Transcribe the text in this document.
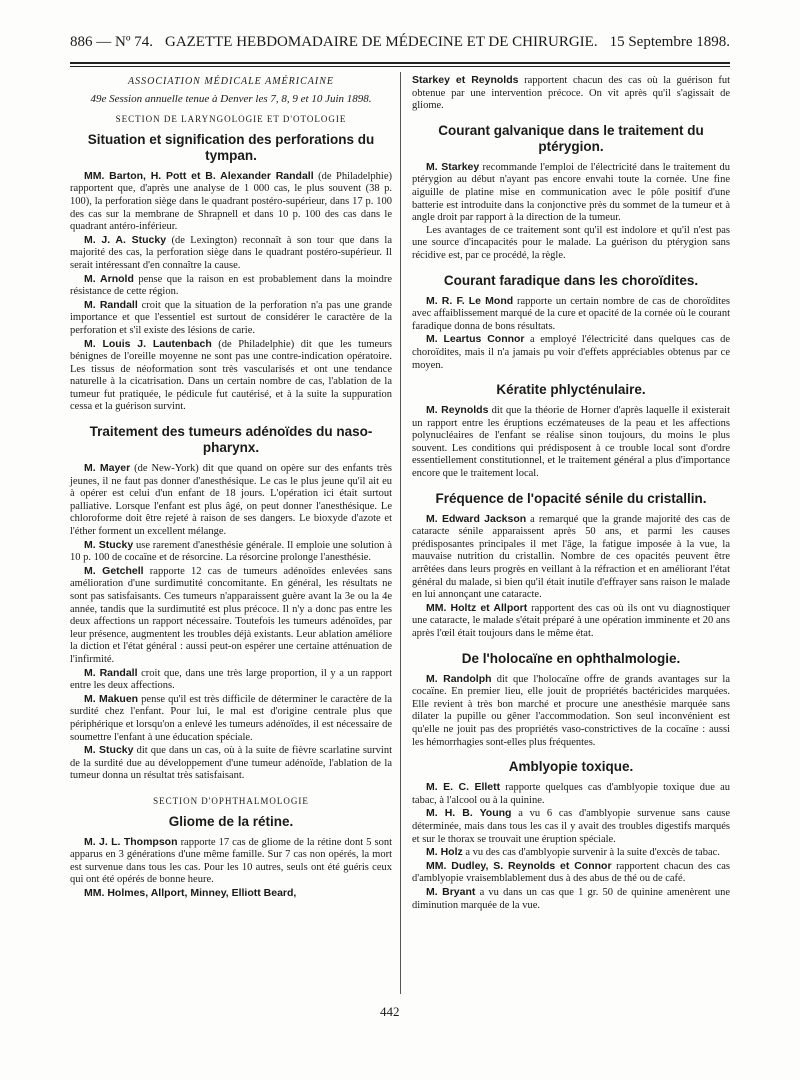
886 — Nº 74. GAZETTE HEBDOMADAIRE DE MÉDECINE ET DE CHIRURGIE. 15 Septembre 1898.
ASSOCIATION MÉDICALE AMÉRICAINE
49e Session annuelle tenue à Denver les 7, 8, 9 et 10 Juin 1898.
SECTION DE LARYNGOLOGIE ET D'OTOLOGIE
Situation et signification des perforations du tympan.

MM. Barton, H. Pott et B. Alexander Randall (de Philadelphie) rapportent que, d'après une analyse de 1 000 cas, le plus souvent (38 p. 100), la perforation siège dans le quadrant postéro-supérieur, dans 17 p. 100 des cas sur la membrane de Shrapnell et dans 10 p. 100 des cas dans le quadrant antéro-inférieur.

M. J. A. Stucky (de Lexington) reconnaît à son tour que dans la majorité des cas, la perforation siège dans le quadrant postéro-supérieur. Il serait intéressant d'en connaître la cause.

M. Arnold pense que la raison en est probablement dans la moindre résistance de cette région.

M. Randall croit que la situation de la perforation n'a pas une grande importance et que l'essentiel est surtout de considérer le caractère de la perforation et s'il existe des lésions de carie.

M. Louis J. Lautenbach (de Philadelphie) dit que les tumeurs bénignes de l'oreille moyenne ne sont pas une contre-indication opératoire. Les tissus de néoformation sont très vascularisés et ont une tendance naturelle à la cicatrisation. Dans un certain nombre de cas, l'ablation de la tumeur fut pratiquée, le pédicule fut cautérisé, et à la suite la suppuration cessa et la guérison survint.

Traitement des tumeurs adénoïdes du naso-pharynx.

M. Mayer (de New-York) dit que quand on opère sur des enfants très jeunes, il ne faut pas donner d'anesthésique. Le cas le plus jeune qu'il ait eu à opérer est celui d'un enfant de 18 jours. L'opération ici était surtout palliative. Lorsque l'enfant est plus âgé, on peut donner l'anesthésique. Le chloroforme doit être rejeté à raison de ses dangers. Le bioxyde d'azote et l'éther forment un excellent mélange.

M. Stucky use rarement d'anesthésie générale. Il emploie une solution à 10 p. 100 de cocaïne et de résorcine. La résorcine prolonge l'anesthésie.

M. Getchell rapporte 12 cas de tumeurs adénoïdes enlevées sans amélioration d'une surdimutité concomitante. En général, les résultats ne sont pas satisfaisants. Ces tumeurs n'apparaissent guère avant la 3e ou la 4e année, tandis que la surdimutité est plus précoce. Il n'y a donc pas entre les deux affections un rapport nécessaire. Toutefois les tumeurs adénoïdes, par leur présence, augmentent les troubles déjà existants. Leur ablation améliore la diction et l'état général : aussi peut-on espérer une certaine atténuation de l'infirmité.

M. Randall croit que, dans une très large proportion, il y a un rapport entre les deux affections.

M. Makuen pense qu'il est très difficile de déterminer le caractère de la surdité chez l'enfant. Pour lui, le mal est d'origine centrale plus que périphérique et lorsqu'on a enlevé les tumeurs adénoïdes, il est nécessaire de soumettre l'enfant à une éducation spéciale.

M. Stucky dit que dans un cas, où à la suite de fièvre scarlatine survint de la surdité due au développement d'une tumeur adénoïde, l'ablation de la tumeur donna un résultat très satisfaisant.

SECTION D'OPHTHALMOLOGIE
Gliome de la rétine.

M. J. L. Thompson rapporte 17 cas de gliome de la rétine dont 5 sont apparus en 3 générations d'une même famille. Sur 7 cas non opérés, la mort est survenue dans tous les cas. Pour les 10 autres, seuls ont été guéris ceux qui ont été opérés de bonne heure.

MM. Holmes, Allport, Minney, Elliott Beard,

Starkey et Reynolds rapportent chacun des cas où la guérison fut obtenue par une intervention précoce. On vit après qu'il s'agissait de gliome.

Courant galvanique dans le traitement du ptérygion.

M. Starkey recommande l'emploi de l'électricité dans le traitement du ptérygion au début n'ayant pas encore envahi toute la cornée. Une fine aiguille de platine mise en communication avec le pôle positif d'une batterie est introduite dans la conjonctive près du sommet de la tumeur et à angle droit par rapport à la direction de la tumeur.

Les avantages de ce traitement sont qu'il est indolore et qu'il n'est pas une source d'incapacités pour le malade. La guérison du ptérygion sans récidive est, par ce procédé, la règle.

Courant faradique dans les choroïdites.

M. R. F. Le Mond rapporte un certain nombre de cas de choroïdites avec affaiblissement marqué de la cure et opacité de la cornée où le courant faradique donna de bons résultats.

M. Leartus Connor a employé l'électricité dans quelques cas de choroïdites, mais il n'a jamais pu voir d'effets appréciables obtenus par ce moyen.

Kératite phlycténulaire.

M. Reynolds dit que la théorie de Horner d'après laquelle il existerait un rapport entre les éruptions eczémateuses de la peau et les affections polynucléaires de l'enfant se réalise sinon toujours, du moins le plus souvent. Les conditions qui prédisposent à ce trouble local sont d'ordre essentiellement constitutionnel, et le traitement général a plus d'importance encore que le traitement local.

Fréquence de l'opacité sénile du cristallin.

M. Edward Jackson a remarqué que la grande majorité des cas de cataracte sénile apparaissent après 50 ans, et parmi les causes prédisposantes principales il met l'âge, la fatigue imposée à la vue, la mauvaise nutrition du cristallin. Nombre de ces opacités peuvent être arrêtées dans leurs progrès en veillant à la réfraction et en améliorant l'état général du malade, si bien qu'il était inutile d'effrayer sans raison le malade en lui annonçant une cataracte.

MM. Holtz et Allport rapportent des cas où ils ont vu diagnostiquer une cataracte, le malade s'était préparé à une opération imminente et 20 ans après l'œil était toujours dans le même état.

De l'holocaïne en ophthalmologie.

M. Randolph dit que l'holocaïne offre de grands avantages sur la cocaïne. En premier lieu, elle jouit de propriétés bactéricides marquées. Elle revient à très bon marché et procure une anesthésie marquée sans dilater la pupille ou gêner l'accommodation. Son seul inconvénient est qu'elle ne jouit pas des propriétés vaso-constrictives de la cocaïne : aussi les hémorrhagies sont-elles plus fréquentes.

Amblyopie toxique.

M. E. C. Ellett rapporte quelques cas d'amblyopie toxique due au tabac, à l'alcool ou à la quinine.

M. H. B. Young a vu 6 cas d'amblyopie survenue sans cause déterminée, mais dans tous les cas il y avait des troubles digestifs marqués et sur le thorax se trouvait une éruption spéciale.

M. Holz a vu des cas d'amblyopie survenir à la suite d'excès de tabac.

MM. Dudley, S. Reynolds et Connor rapportent chacun des cas d'amblyopie vraisemblablement dus à des abus de thé ou de café.

M. Bryant a vu dans un cas que 1 gr. 50 de quinine amenèrent une diminution marquée de la vue.

442
